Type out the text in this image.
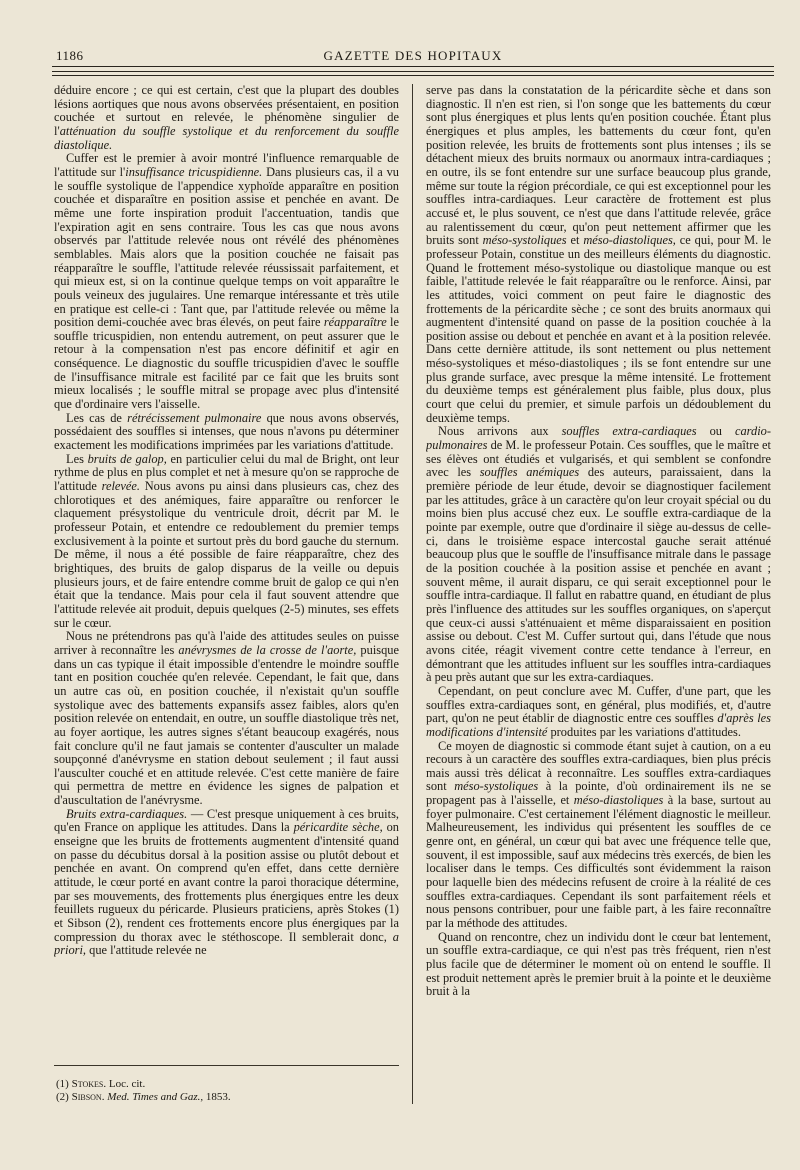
1186	GAZETTE DES HOPITAUX

déduire encore ; ce qui est certain, c'est que la plupart des doubles lésions aortiques que nous avons observées présentaient, en position couchée et surtout en relevée, le phénomène singulier de l'atténuation du souffle systolique et du renforcement du souffle diastolique.

Cuffer est le premier à avoir montré l'influence remarquable de l'attitude sur l'insuffisance tricuspidienne. Dans plusieurs cas, il a vu le souffle systolique de l'appendice xyphoïde apparaître en position couchée et disparaître en position assise et penchée en avant. De même une forte inspiration produit l'accentuation, tandis que l'expiration agit en sens contraire. Tous les cas que nous avons observés par l'attitude relevée nous ont révélé des phénomènes semblables. Mais alors que la position couchée ne faisait pas réapparaître le souffle, l'attitude relevée réussissait parfaitement, et qui mieux est, si on la continue quelque temps on voit apparaître le pouls veineux des jugulaires. Une remarque intéressante et très utile en pratique est celle-ci : Tant que, par l'attitude relevée ou même la position demi-couchée avec bras élevés, on peut faire réapparaître le souffle tricuspidien, non entendu autrement, on peut assurer que le retour à la compensation n'est pas encore définitif et agir en conséquence. Le diagnostic du souffle tricuspidien d'avec le souffle de l'insuffisance mitrale est facilité par ce fait que les bruits sont mieux localisés ; le souffle mitral se propage avec plus d'intensité que d'ordinaire vers l'aisselle.

Les cas de rétrécissement pulmonaire que nous avons observés, possédaient des souffles si intenses, que nous n'avons pu déterminer exactement les modifications imprimées par les variations d'attitude.

Les bruits de galop, en particulier celui du mal de Bright, ont leur rythme de plus en plus complet et net à mesure qu'on se rapproche de l'attitude relevée. Nous avons pu ainsi dans plusieurs cas, chez des chlorotiques et des anémiques, faire apparaître ou renforcer le claquement présystolique du ventricule droit, décrit par M. le professeur Potain, et entendre ce redoublement du premier temps exclusivement à la pointe et surtout près du bord gauche du sternum. De même, il nous a été possible de faire réapparaître, chez des brightiques, des bruits de galop disparus de la veille ou depuis plusieurs jours, et de faire entendre comme bruit de galop ce qui n'en était que la tendance. Mais pour cela il faut souvent attendre que l'attitude relevée ait produit, depuis quelques (2-5) minutes, ses effets sur le cœur.

Nous ne prétendrons pas qu'à l'aide des attitudes seules on puisse arriver à reconnaître les anévrysmes de la crosse de l'aorte, puisque dans un cas typique il était impossible d'entendre le moindre souffle tant en position couchée qu'en relevée. Cependant, le fait que, dans un autre cas où, en position couchée, il n'existait qu'un souffle systolique avec des battements expansifs assez faibles, alors qu'en position relevée on entendait, en outre, un souffle diastolique très net, au foyer aortique, les autres signes s'étant beaucoup exagérés, nous fait conclure qu'il ne faut jamais se contenter d'ausculter un malade soupçonné d'anévrysme en station debout seulement ; il faut aussi l'ausculter couché et en attitude relevée. C'est cette manière de faire qui permettra de mettre en évidence les signes de palpation et d'auscultation de l'anévrysme.

Bruits extra-cardiaques. — C'est presque uniquement à ces bruits, qu'en France on applique les attitudes. Dans la péricardite sèche, on enseigne que les bruits de frottements augmentent d'intensité quand on passe du décubitus dorsal à la position assise ou plutôt debout et penchée en avant. On comprend qu'en effet, dans cette dernière attitude, le cœur porté en avant contre la paroi thoracique détermine, par ses mouvements, des frottements plus énergiques entre les deux feuillets rugueux du péricarde. Plusieurs praticiens, après Stokes (1) et Sibson (2), rendent ces frottements encore plus énergiques par la compression du thorax avec le stéthoscope. Il semblerait donc, a priori, que l'attitude relevée ne

serve pas dans la constatation de la péricardite sèche et dans son diagnostic. Il n'en est rien, si l'on songe que les battements du cœur sont plus énergiques et plus lents qu'en position couchée. Étant plus énergiques et plus amples, les battements du cœur font, qu'en position relevée, les bruits de frottements sont plus intenses ; ils se détachent mieux des bruits normaux ou anormaux intra-cardiaques ; en outre, ils se font entendre sur une surface beaucoup plus grande, même sur toute la région précordiale, ce qui est exceptionnel pour les souffles intra-cardiaques. Leur caractère de frottement est plus accusé et, le plus souvent, ce n'est que dans l'attitude relevée, grâce au ralentissement du cœur, qu'on peut nettement affirmer que les bruits sont méso-systoliques et méso-diastoliques, ce qui, pour M. le professeur Potain, constitue un des meilleurs éléments du diagnostic. Quand le frottement méso-systolique ou diastolique manque ou est faible, l'attitude relevée le fait réapparaître ou le renforce. Ainsi, par les attitudes, voici comment on peut faire le diagnostic des frottements de la péricardite sèche ; ce sont des bruits anormaux qui augmentent d'intensité quand on passe de la position couchée à la position assise ou debout et penchée en avant et à la position relevée. Dans cette dernière attitude, ils sont nettement ou plus nettement méso-systoliques et méso-diastoliques ; ils se font entendre sur une plus grande surface, avec presque la même intensité. Le frottement du deuxième temps est généralement plus faible, plus doux, plus court que celui du premier, et simule parfois un dédoublement du deuxième temps.

Nous arrivons aux souffles extra-cardiaques ou cardio-pulmonaires de M. le professeur Potain. Ces souffles, que le maître et ses élèves ont étudiés et vulgarisés, et qui semblent se confondre avec les souffles anémiques des auteurs, paraissaient, dans la première période de leur étude, devoir se diagnostiquer facilement par les attitudes, grâce à un caractère qu'on leur croyait spécial ou du moins bien plus accusé chez eux. Le souffle extra-cardiaque de la pointe par exemple, outre que d'ordinaire il siège au-dessus de celle-ci, dans le troisième espace intercostal gauche serait atténué beaucoup plus que le souffle de l'insuffisance mitrale dans le passage de la position couchée à la position assise et penchée en avant ; souvent même, il aurait disparu, ce qui serait exceptionnel pour le souffle intra-cardiaque. Il fallut en rabattre quand, en étudiant de plus près l'influence des attitudes sur les souffles organiques, on s'aperçut que ceux-ci aussi s'atténuaient et même disparaissaient en position assise ou debout. C'est M. Cuffer surtout qui, dans l'étude que nous avons citée, réagit vivement contre cette tendance à l'erreur, en démontrant que les attitudes influent sur les souffles intra-cardiaques à peu près autant que sur les extra-cardiaques.

Cependant, on peut conclure avec M. Cuffer, d'une part, que les souffles extra-cardiaques sont, en général, plus modifiés, et, d'autre part, qu'on ne peut établir de diagnostic entre ces souffles d'après les modifications d'intensité produites par les variations d'attitudes.

Ce moyen de diagnostic si commode étant sujet à caution, on a eu recours à un caractère des souffles extra-cardiaques, bien plus précis mais aussi très délicat à reconnaître. Les souffles extra-cardiaques sont méso-systoliques à la pointe, d'où ordinairement ils ne se propagent pas à l'aisselle, et méso-diastoliques à la base, surtout au foyer pulmonaire. C'est certainement l'élément diagnostic le meilleur. Malheureusement, les individus qui présentent les souffles de ce genre ont, en général, un cœur qui bat avec une fréquence telle que, souvent, il est impossible, sauf aux médecins très exercés, de bien les localiser dans le temps. Ces difficultés sont évidemment la raison pour laquelle bien des médecins refusent de croire à la réalité de ces souffles extra-cardiaques. Cependant ils sont parfaitement réels et nous pensons contribuer, pour une faible part, à les faire reconnaître par la méthode des attitudes.

Quand on rencontre, chez un individu dont le cœur bat lentement, un souffle extra-cardiaque, ce qui n'est pas très fréquent, rien n'est plus facile que de déterminer le moment où on entend le souffle. Il est produit nettement après le premier bruit à la pointe et le deuxième bruit à la

(1) Stokes. Loc. cit.
(2) Sibson. Med. Times and Gaz., 1853.
